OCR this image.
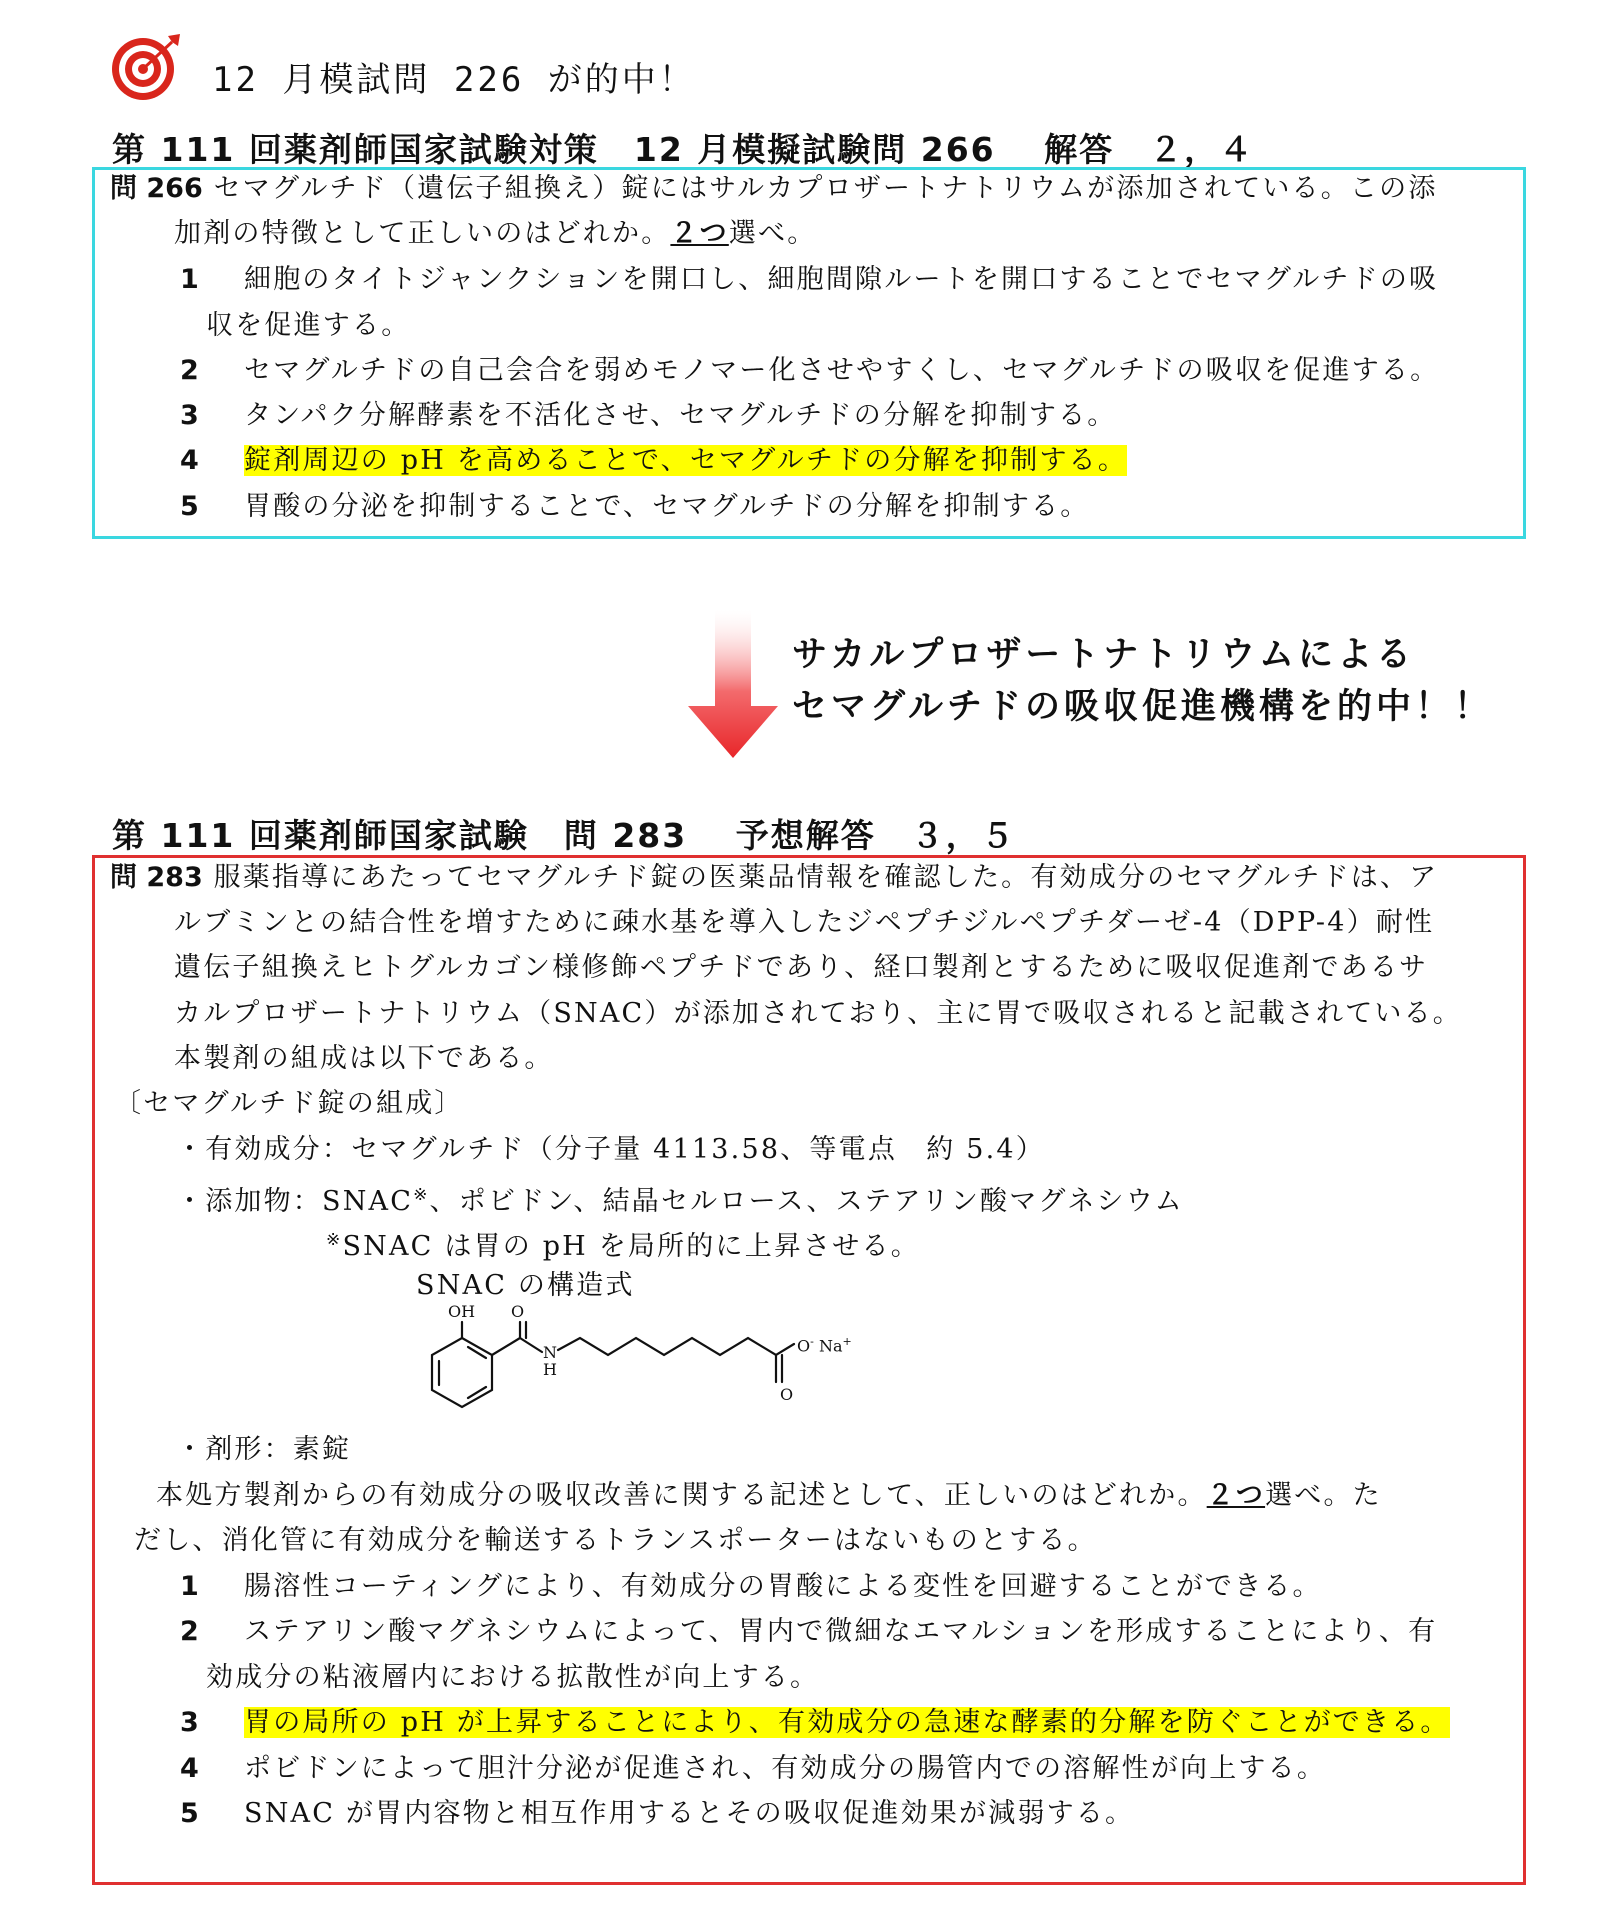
12 月模試問 226 が的中！
第 111 回薬剤師国家試験対策　12 月模擬試験問 266　 解答　２，４
問 266 セマグルチド（遺伝子組換え）錠にはサルカプロザートナトリウムが添加されている。この添
加剤の特徴として正しいのはどれか。２つ選べ。
1 細胞のタイトジャンクションを開口し、細胞間隙ルートを開口することでセマグルチドの吸
収を促進する。
2 セマグルチドの自己会合を弱めモノマー化させやすくし、セマグルチドの吸収を促進する。
3 タンパク分解酵素を不活化させ、セマグルチドの分解を抑制する。
4 錠剤周辺の pH を高めることで、セマグルチドの分解を抑制する。
5 胃酸の分泌を抑制することで、セマグルチドの分解を抑制する。
サカルプロザートナトリウムによる
セマグルチドの吸収促進機構を的中！！
第 111 回薬剤師国家試験　問 283　 予想解答　３，５
問 283 服薬指導にあたってセマグルチド錠の医薬品情報を確認した。有効成分のセマグルチドは、ア
ルブミンとの結合性を増すために疎水基を導入したジペプチジルペプチダーゼ-4（DPP-4）耐性
遺伝子組換えヒトグルカゴン様修飾ペプチドであり、経口製剤とするために吸収促進剤であるサ
カルプロザートナトリウム（SNAC）が添加されており、主に胃で吸収されると記載されている。
本製剤の組成は以下である。
〔セマグルチド錠の組成〕
・有効成分：セマグルチド（分子量 4113.58、等電点　約 5.4）
・添加物：SNAC※、ポビドン、結晶セルロース、ステアリン酸マグネシウム
※SNAC は胃の pH を局所的に上昇させる。
SNAC の構造式
OH O
N
H
O- Na+
O
・剤形：素錠
本処方製剤からの有効成分の吸収改善に関する記述として、正しいのはどれか。２つ選べ。た
だし、消化管に有効成分を輸送するトランスポーターはないものとする。
1 腸溶性コーティングにより、有効成分の胃酸による変性を回避することができる。
2 ステアリン酸マグネシウムによって、胃内で微細なエマルションを形成することにより、有
効成分の粘液層内における拡散性が向上する。
3 胃の局所の pH が上昇することにより、有効成分の急速な酵素的分解を防ぐことができる。
4 ポビドンによって胆汁分泌が促進され、有効成分の腸管内での溶解性が向上する。
5 SNAC が胃内容物と相互作用するとその吸収促進効果が減弱する。
